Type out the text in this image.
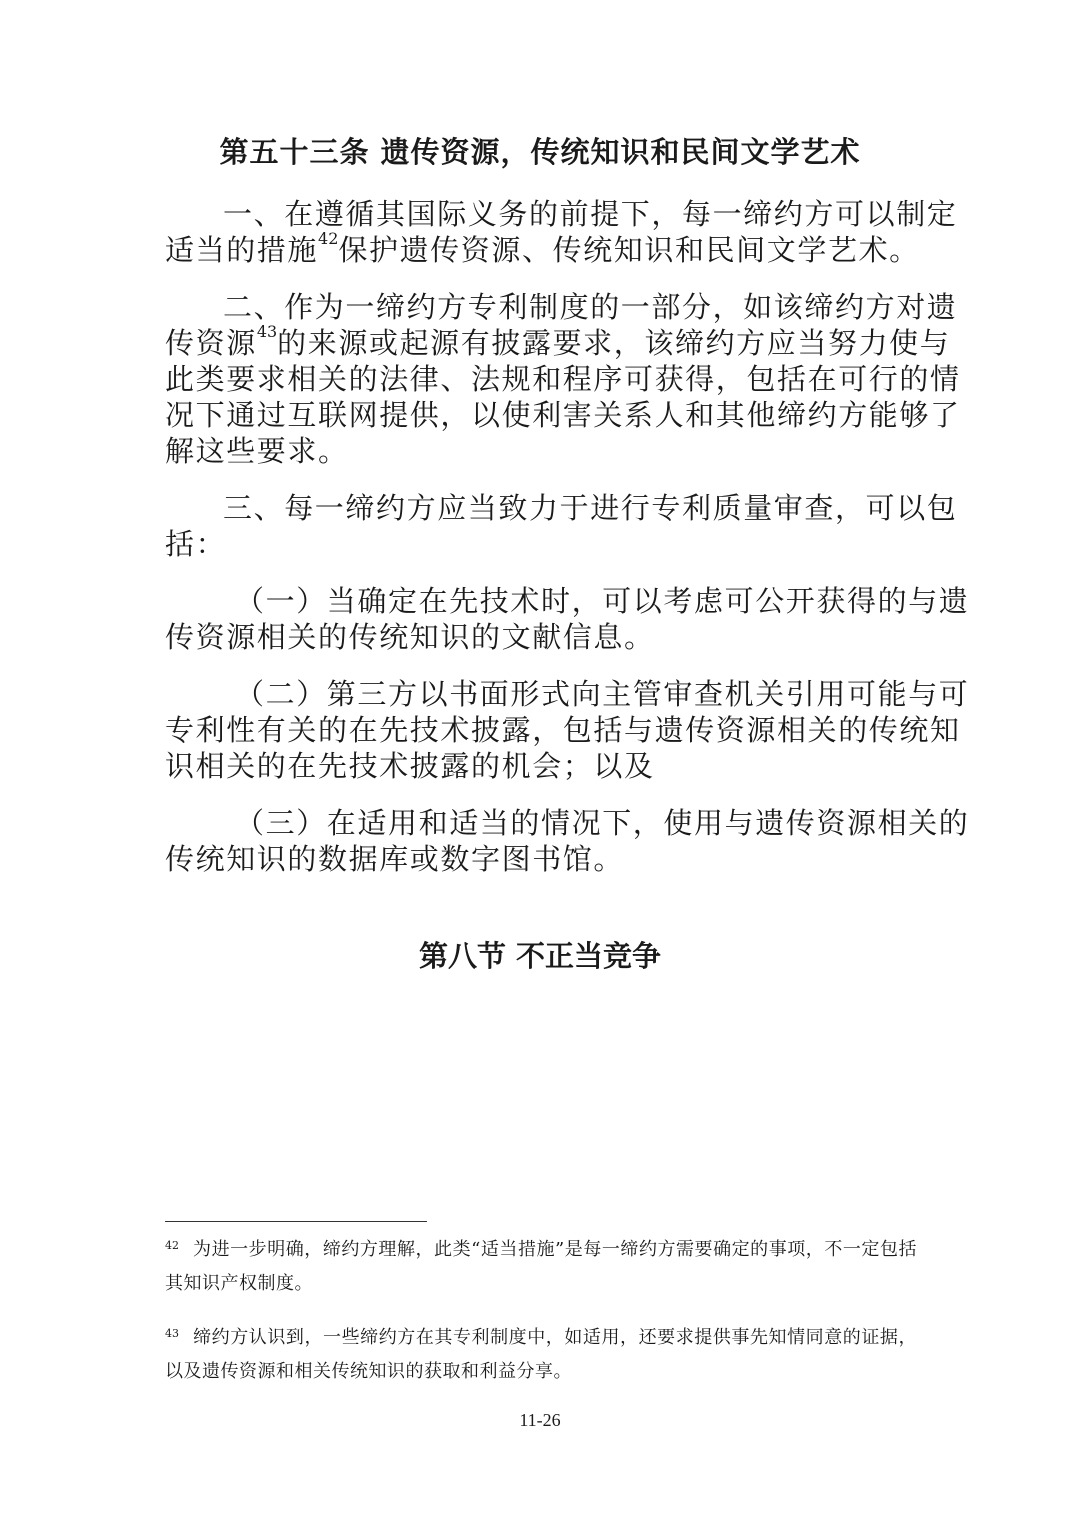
第五十三条 遗传资源，传统知识和民间文学艺术

一、在遵循其国际义务的前提下，每一缔约方可以制定
适当的措施$^{42}$保护遗传资源、传统知识和民间文学艺术。

二、作为一缔约方专利制度的一部分，如该缔约方对遗
传资源$^{43}$的来源或起源有披露要求，该缔约方应当努力使与
此类要求相关的法律、法规和程序可获得，包括在可行的情
况下通过互联网提供，以使利害关系人和其他缔约方能够了
解这些要求。

三、每一缔约方应当致力于进行专利质量审查，可以包
括：

（一）当确定在先技术时，可以考虑可公开获得的与遗
传资源相关的传统知识的文献信息。

（二）第三方以书面形式向主管审查机关引用可能与可
专利性有关的在先技术披露，包括与遗传资源相关的传统知
识相关的在先技术披露的机会；以及

（三）在适用和适当的情况下，使用与遗传资源相关的
传统知识的数据库或数字图书馆。

第八节 不正当竞争

$^{42}$ 为进一步明确，缔约方理解，此类“适当措施”是每一缔约方需要确定的事项，不一定包括
其知识产权制度。

$^{43}$ 缔约方认识到，一些缔约方在其专利制度中，如适用，还要求提供事先知情同意的证据，
以及遗传资源和相关传统知识的获取和利益分享。

11-26
